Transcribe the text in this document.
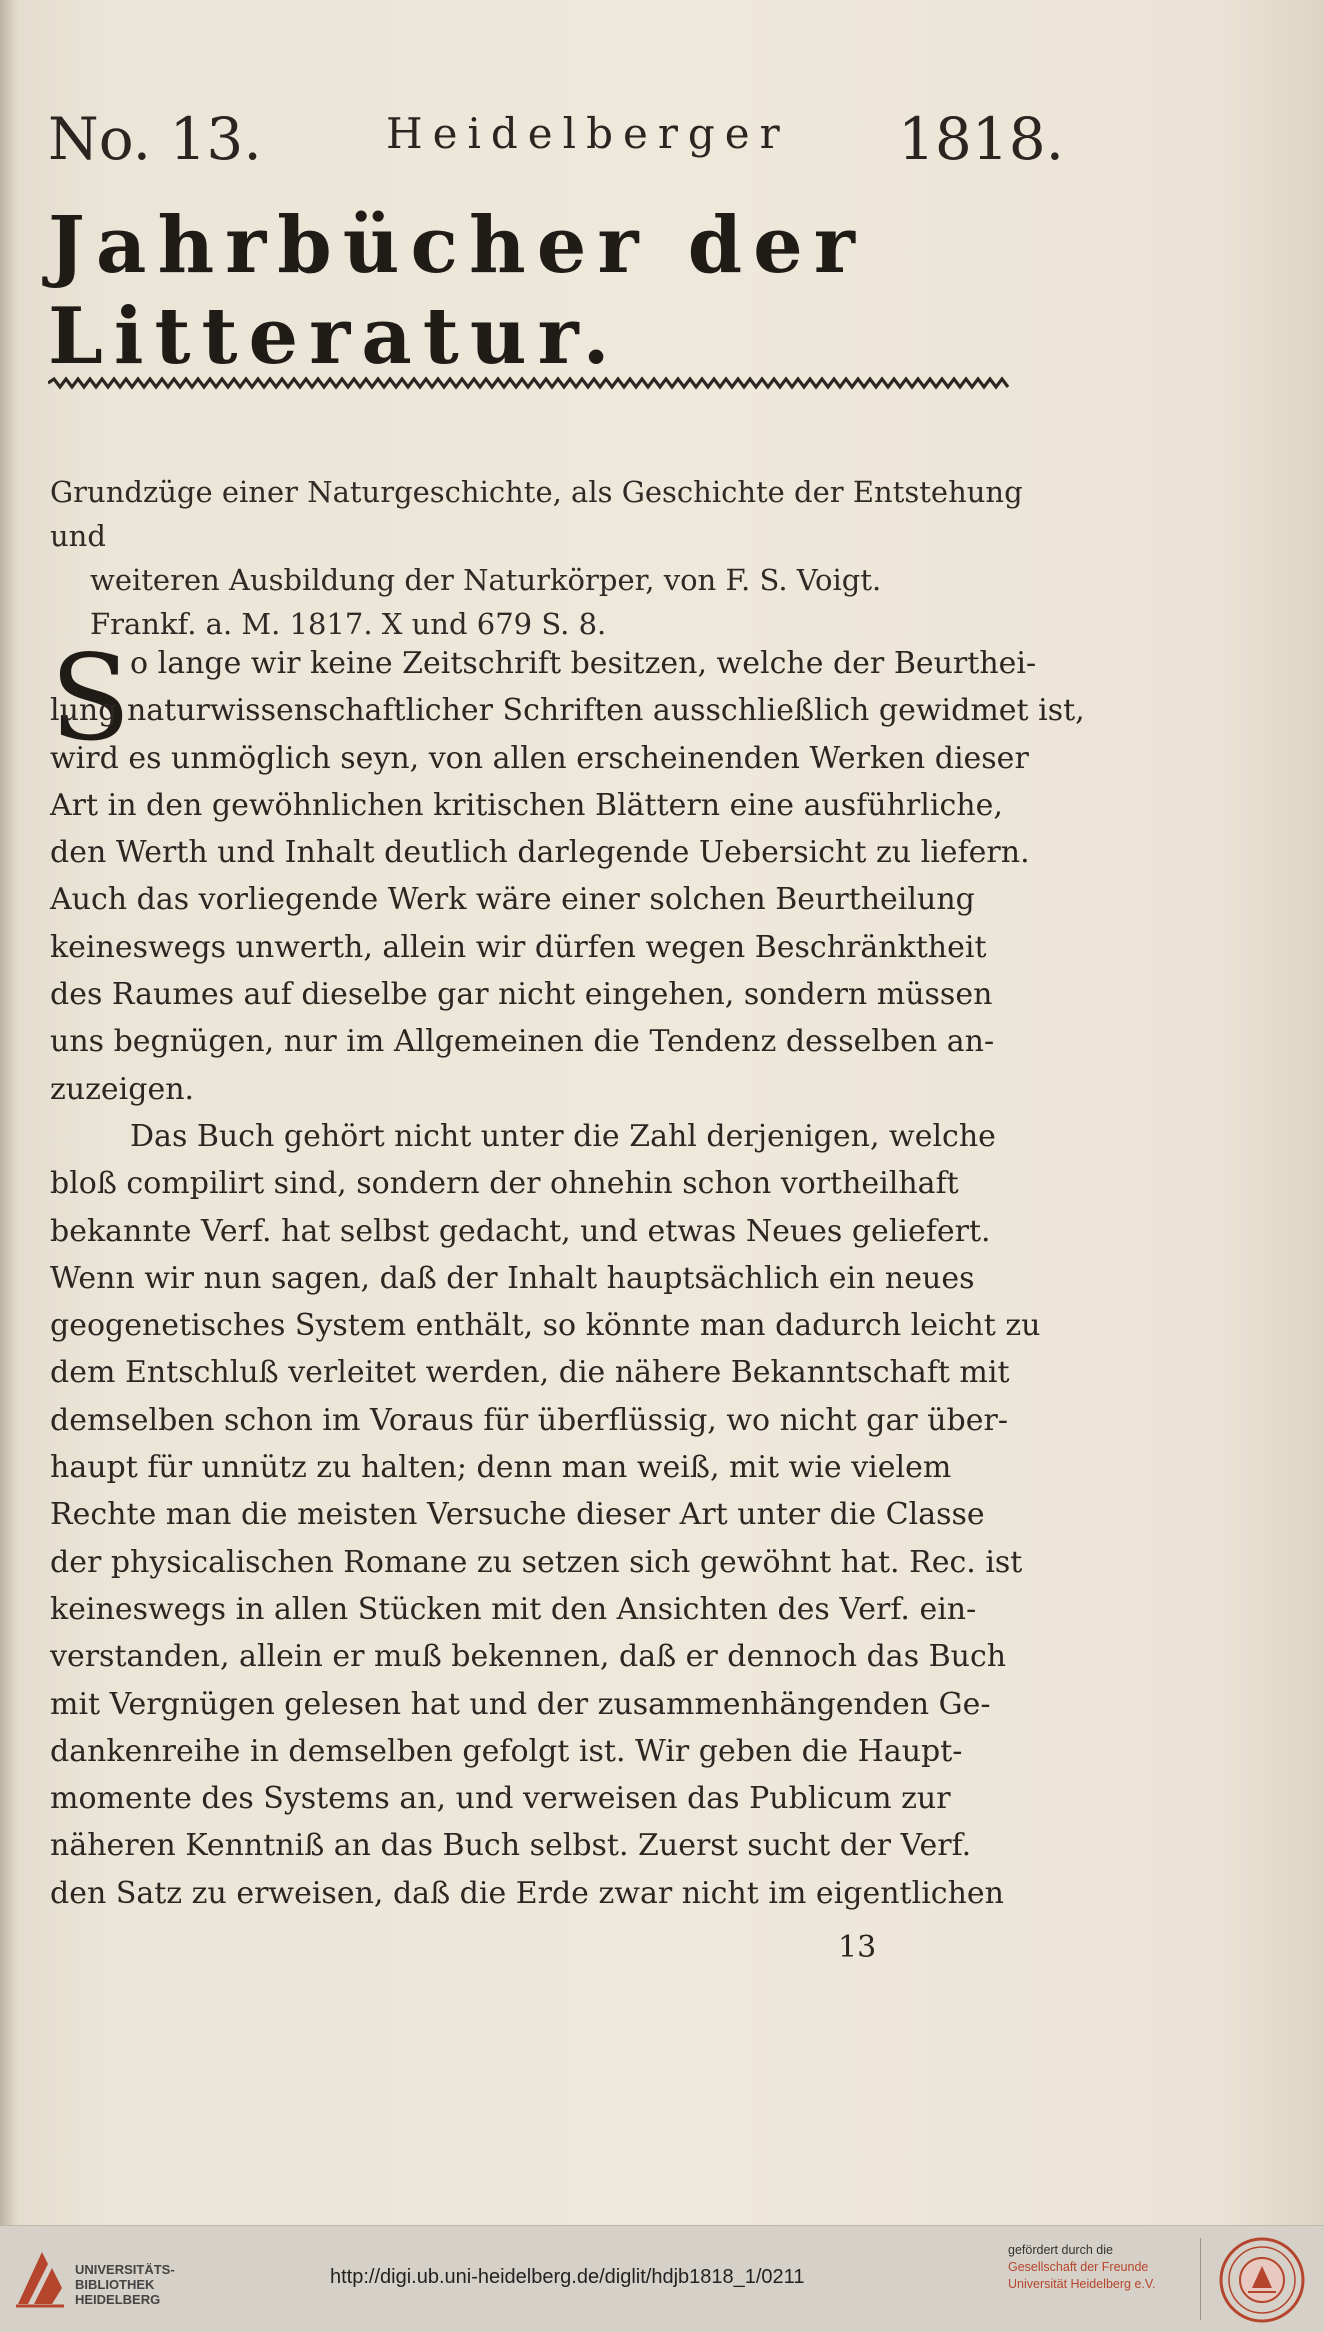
No. 13.	Heidelberger 1818.
Jahrbücher der Litteratur.
Grundzüge einer Naturgeschichte, als Geschichte der Entstehung und
weiteren Ausbildung der Naturkörper, von F. S. Voigt.
Frankf. a. M. 1817. X und 679 S. 8.
S o lange wir keine Zeitschrift besitzen, welche der Beurthei-
lung naturwissenschaftlicher Schriften ausschließlich gewidmet ist,
wird es unmöglich seyn, von allen erscheinenden Werken dieser
Art in den gewöhnlichen kritischen Blättern eine ausführliche,
den Werth und Inhalt deutlich darlegende Uebersicht zu liefern.
Auch das vorliegende Werk wäre einer solchen Beurtheilung
keineswegs unwerth, allein wir dürfen wegen Beschränktheit
des Raumes auf dieselbe gar nicht eingehen, sondern müssen
uns begnügen, nur im Allgemeinen die Tendenz desselben an-
zuzeigen.
Das Buch gehört nicht unter die Zahl derjenigen, welche
bloß compilirt sind, sondern der ohnehin schon vortheilhaft
bekannte Verf. hat selbst gedacht, und etwas Neues geliefert.
Wenn wir nun sagen, daß der Inhalt hauptsächlich ein neues
geogenetisches System enthält, so könnte man dadurch leicht zu
dem Entschluß verleitet werden, die nähere Bekanntschaft mit
demselben schon im Voraus für überflüssig, wo nicht gar über-
haupt für unnütz zu halten; denn man weiß, mit wie vielem
Rechte man die meisten Versuche dieser Art unter die Classe
der physicalischen Romane zu setzen sich gewöhnt hat. Rec. ist
keineswegs in allen Stücken mit den Ansichten des Verf. ein-
verstanden, allein er muß bekennen, daß er dennoch das Buch
mit Vergnügen gelesen hat und der zusammenhängenden Ge-
dankenreihe in demselben gefolgt ist. Wir geben die Haupt-
momente des Systems an, und verweisen das Publicum zur
näheren Kenntniß an das Buch selbst. Zuerst sucht der Verf.
den Satz zu erweisen, daß die Erde zwar nicht im eigentlichen
13
UNIVERSITÄTS-
BIBLIOTHEK
HEIDELBERG
http://digi.ub.uni-heidelberg.de/diglit/hdjb1818_1/0211
gefördert durch die
Gesellschaft der Freunde
Universität Heidelberg e.V.
